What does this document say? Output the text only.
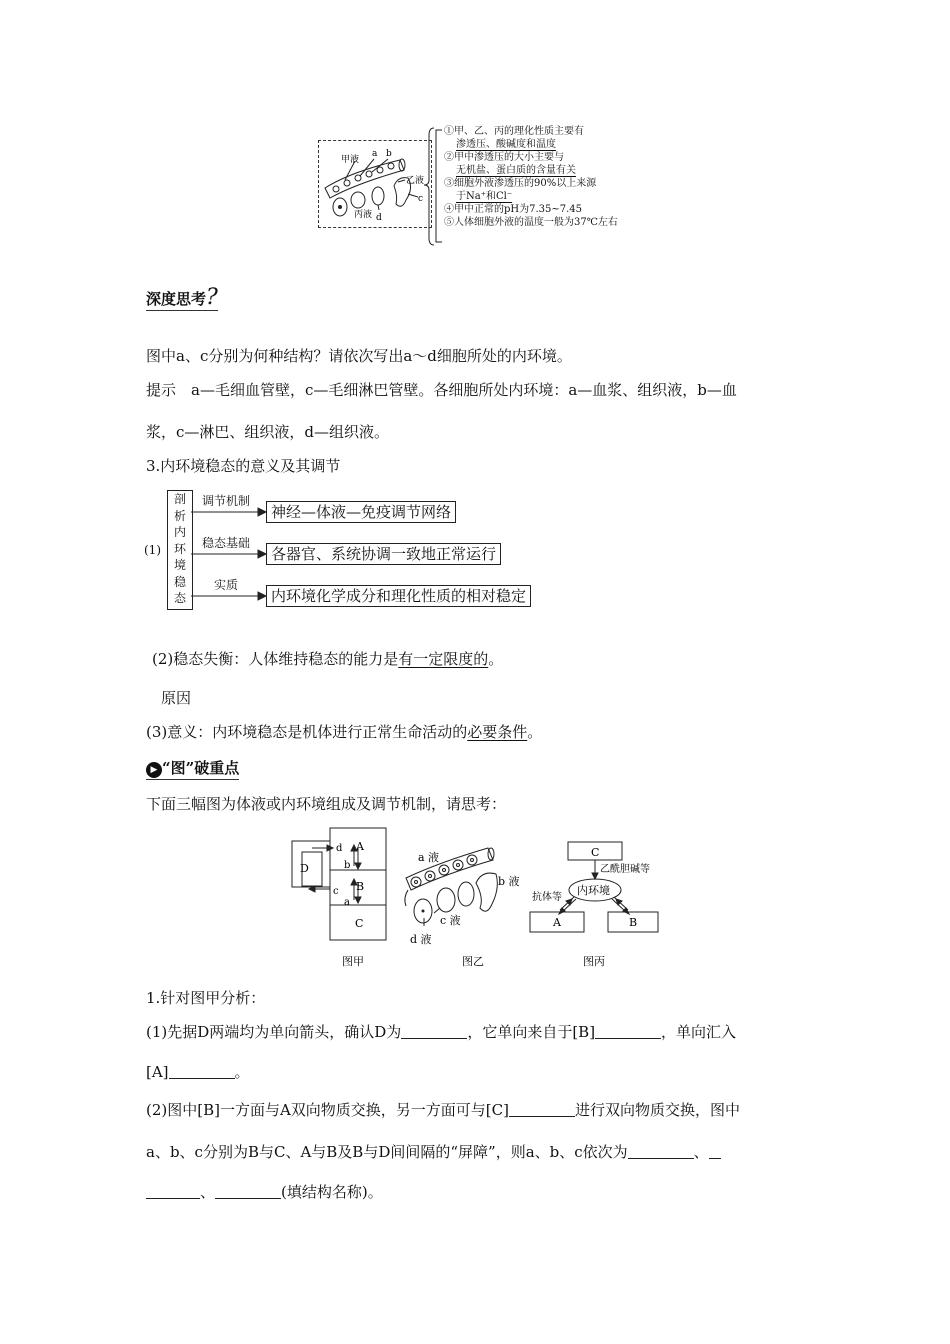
甲液
a b
乙液
c
丙液 d
①甲、乙、丙的理化性质主要有
渗透压、酸碱度和温度
②甲中渗透压的大小主要与
无机盐、蛋白质的含量有关
③细胞外液渗透压的90%以上来源
于Na⁺和Cl⁻
④甲中正常的pH为7.35~7.45
⑤人体细胞外液的温度一般为37℃左右
深度思考?
图中a、c分别为何种结构？请依次写出a～d细胞所处的内环境。
提示　a—毛细血管壁，c—毛细淋巴管壁。各细胞所处内环境：a—血浆、组织液，b—血
浆，c—淋巴、组织液，d—组织液。
3.内环境稳态的意义及其调节
(1)
剖
析
内
环
境
稳
态
调节机制
稳态基础
实质
神经—体液—免疫调节网络
各器官、系统协调一致地正常运行
内环境化学成分和理化性质的相对稳定
(2)稳态失衡：人体维持稳态的能力是有一定限度的。
原因
(3)意义：内环境稳态是机体进行正常生命活动的必要条件。
▶ “图”破重点
下面三幅图为体液或内环境组成及调节机制，请思考：
A
B
C
D
a
b
c
d
图甲
a 液
b 液
c 液
d 液
图乙
C
内环境
乙酰胆碱等
抗体等
A	B
图丙
1.针对图甲分析：
(1)先据D两端均为单向箭头，确认D为	，它单向来自于[B]	，单向汇入
[A]	。
(2)图中[B]一方面与A双向物质交换，另一方面可与[C]	进行双向物质交换，图中
a、b、c分别为B与C、A与B及B与D间间隔的“屏障”，则a、b、c依次为	、
、	(填结构名称)。
